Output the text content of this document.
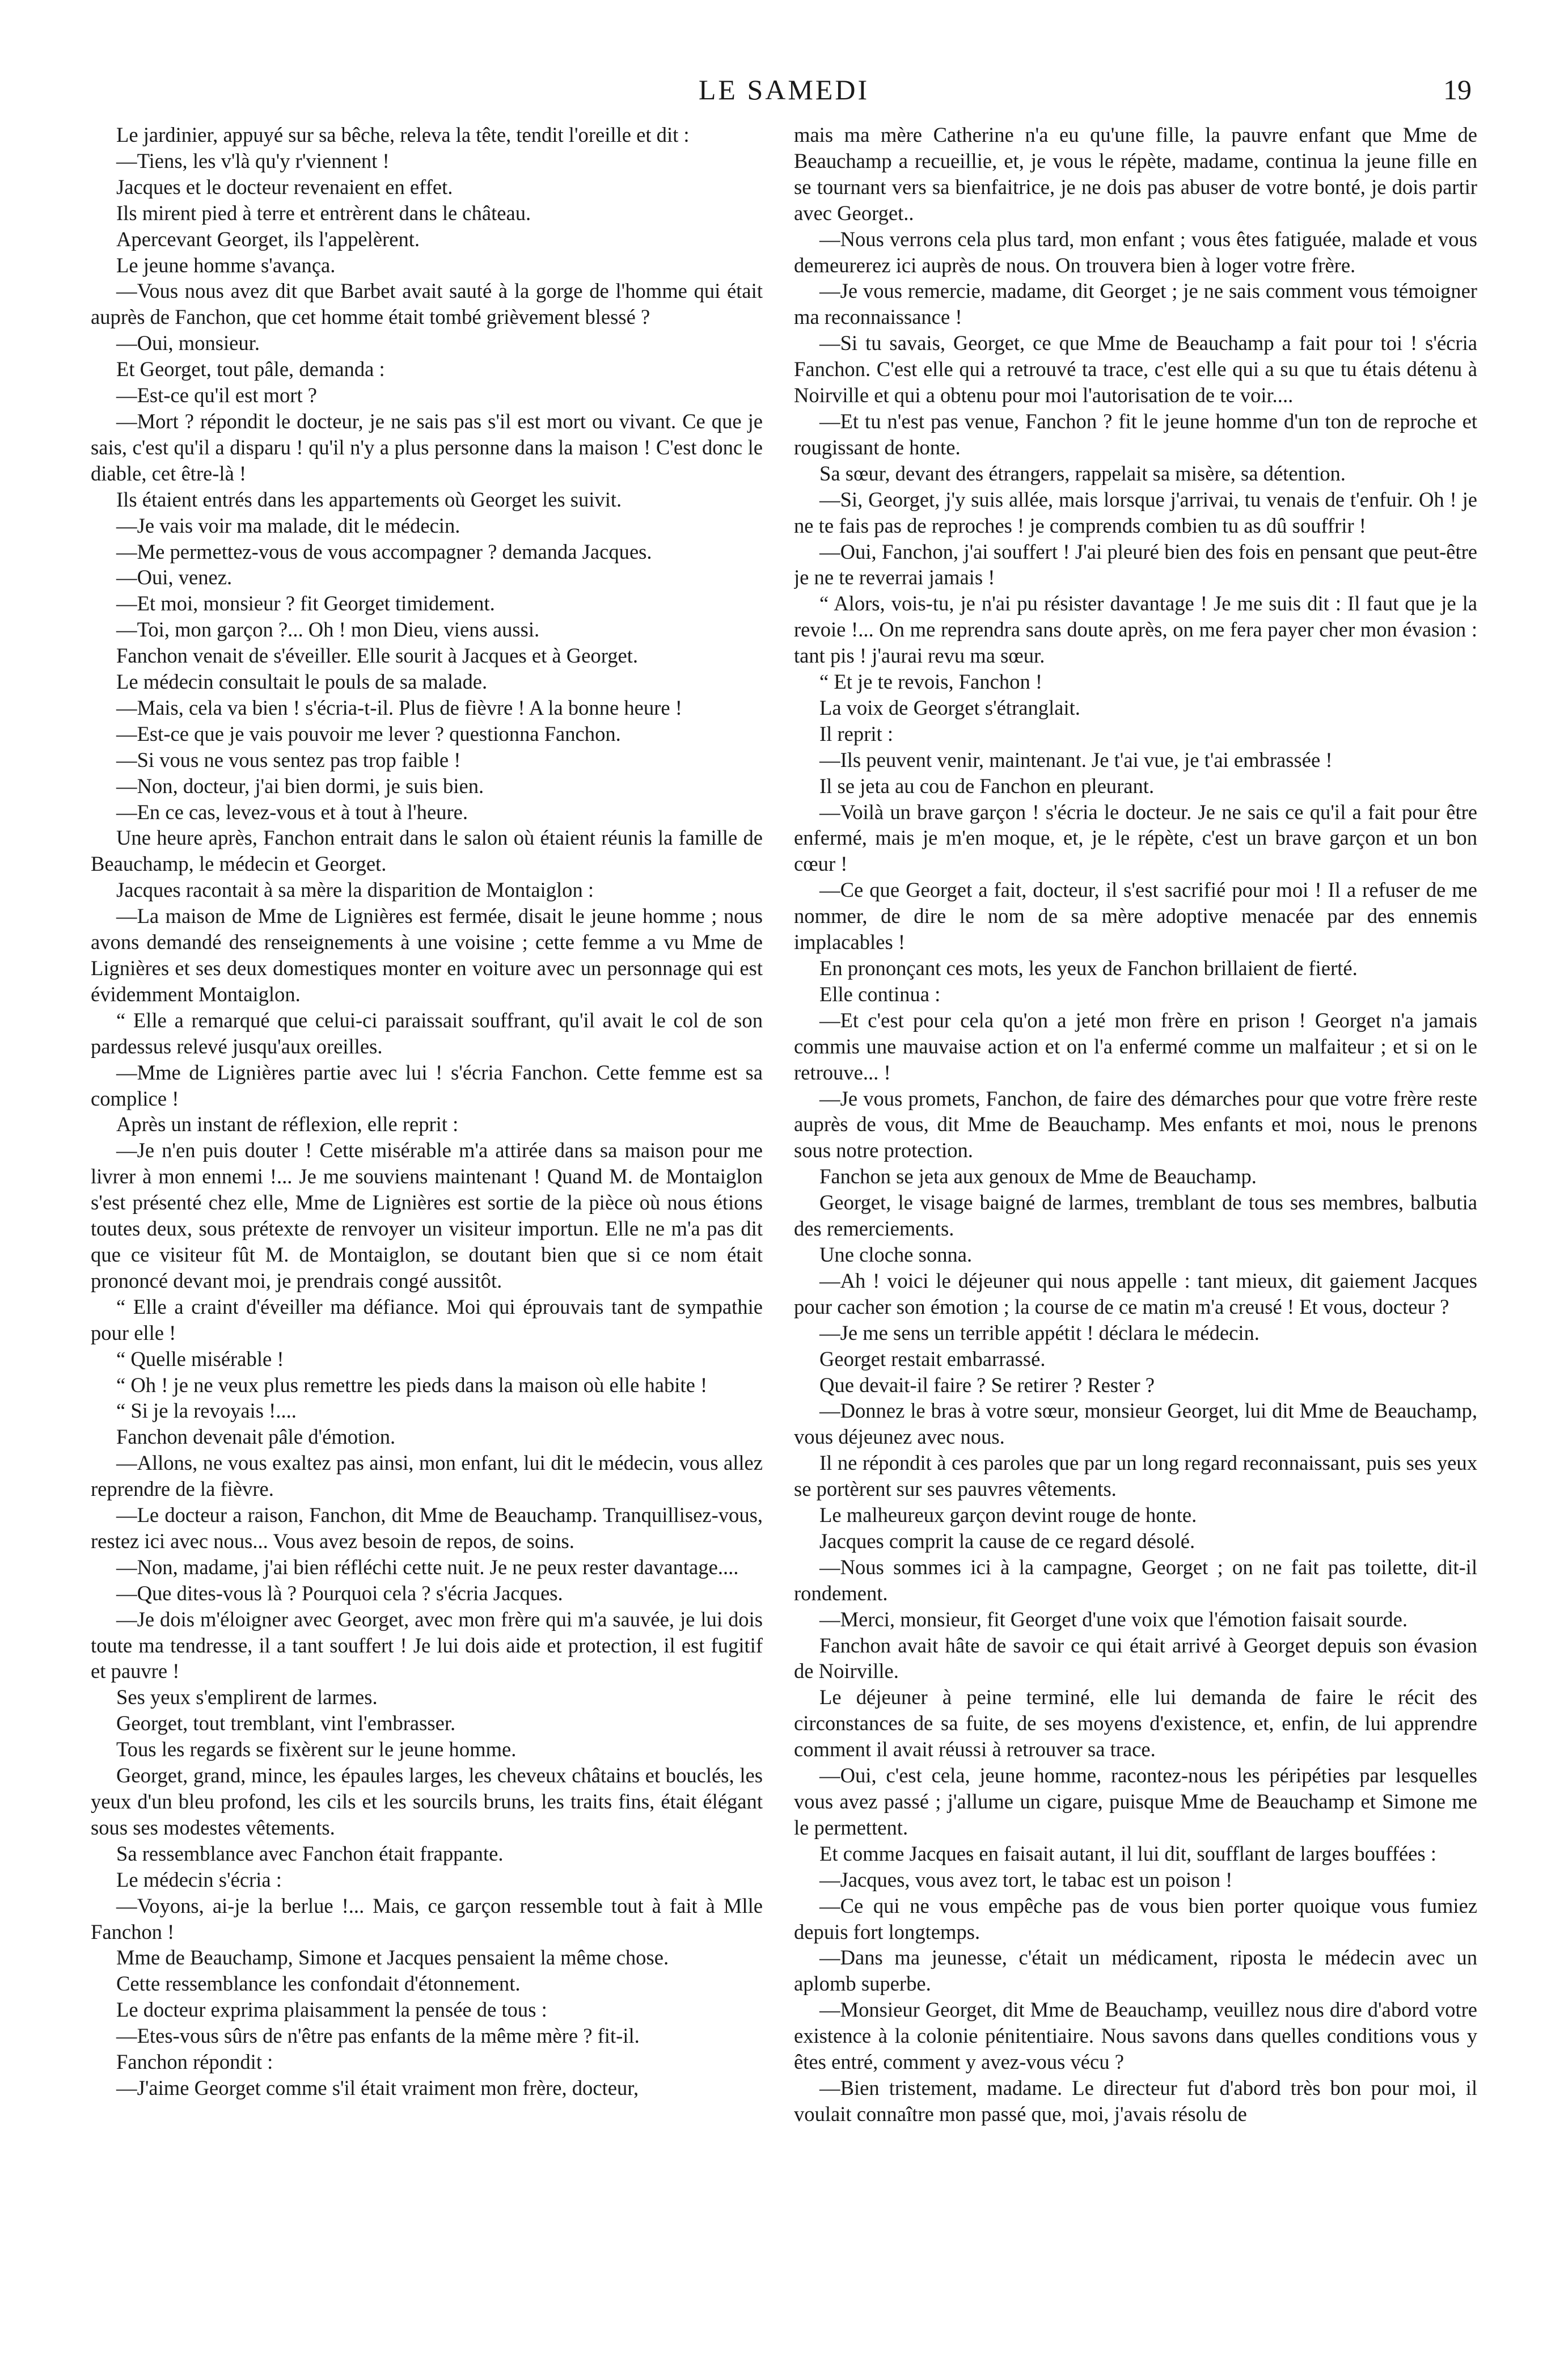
LE SAMEDI	19

Le jardinier, appuyé sur sa bêche, releva la tête, tendit l'oreille et dit :

—Tiens, les v'là qu'y r'viennent !

Jacques et le docteur revenaient en effet.

Ils mirent pied à terre et entrèrent dans le château.

Apercevant Georget, ils l'appelèrent.

Le jeune homme s'avança.

—Vous nous avez dit que Barbet avait sauté à la gorge de l'homme qui était auprès de Fanchon, que cet homme était tombé grièvement blessé ?

—Oui, monsieur.

Et Georget, tout pâle, demanda :

—Est-ce qu'il est mort ?

—Mort ? répondit le docteur, je ne sais pas s'il est mort ou vivant. Ce que je sais, c'est qu'il a disparu ! qu'il n'y a plus personne dans la maison ! C'est donc le diable, cet être-là !

Ils étaient entrés dans les appartements où Georget les suivit.

—Je vais voir ma malade, dit le médecin.

—Me permettez-vous de vous accompagner ? demanda Jacques.

—Oui, venez.

—Et moi, monsieur ? fit Georget timidement.

—Toi, mon garçon ?... Oh ! mon Dieu, viens aussi.

Fanchon venait de s'éveiller. Elle sourit à Jacques et à Georget.

Le médecin consultait le pouls de sa malade.

—Mais, cela va bien ! s'écria-t-il. Plus de fièvre ! A la bonne heure !

—Est-ce que je vais pouvoir me lever ? questionna Fanchon.

—Si vous ne vous sentez pas trop faible !

—Non, docteur, j'ai bien dormi, je suis bien.

—En ce cas, levez-vous et à tout à l'heure.

Une heure après, Fanchon entrait dans le salon où étaient réunis la famille de Beauchamp, le médecin et Georget.

Jacques racontait à sa mère la disparition de Montaiglon :

—La maison de Mme de Lignières est fermée, disait le jeune homme ; nous avons demandé des renseignements à une voisine ; cette femme a vu Mme de Lignières et ses deux domestiques monter en voiture avec un personnage qui est évidemment Montaiglon.

“ Elle a remarqué que celui-ci paraissait souffrant, qu'il avait le col de son pardessus relevé jusqu'aux oreilles.

—Mme de Lignières partie avec lui ! s'écria Fanchon. Cette femme est sa complice !

Après un instant de réflexion, elle reprit :

—Je n'en puis douter ! Cette misérable m'a attirée dans sa maison pour me livrer à mon ennemi !... Je me souviens maintenant ! Quand M. de Montaiglon s'est présenté chez elle, Mme de Lignières est sortie de la pièce où nous étions toutes deux, sous prétexte de renvoyer un visiteur importun. Elle ne m'a pas dit que ce visiteur fût M. de Montaiglon, se doutant bien que si ce nom était prononcé devant moi, je prendrais congé aussitôt.

“ Elle a craint d'éveiller ma défiance. Moi qui éprouvais tant de sympathie pour elle !

“ Quelle misérable !

“ Oh ! je ne veux plus remettre les pieds dans la maison où elle habite !

“ Si je la revoyais !....

Fanchon devenait pâle d'émotion.

—Allons, ne vous exaltez pas ainsi, mon enfant, lui dit le médecin, vous allez reprendre de la fièvre.

—Le docteur a raison, Fanchon, dit Mme de Beauchamp. Tranquillisez-vous, restez ici avec nous... Vous avez besoin de repos, de soins.

—Non, madame, j'ai bien réfléchi cette nuit. Je ne peux rester davantage....

—Que dites-vous là ? Pourquoi cela ? s'écria Jacques.

—Je dois m'éloigner avec Georget, avec mon frère qui m'a sauvée, je lui dois toute ma tendresse, il a tant souffert ! Je lui dois aide et protection, il est fugitif et pauvre !

Ses yeux s'emplirent de larmes.

Georget, tout tremblant, vint l'embrasser.

Tous les regards se fixèrent sur le jeune homme.

Georget, grand, mince, les épaules larges, les cheveux châtains et bouclés, les yeux d'un bleu profond, les cils et les sourcils bruns, les traits fins, était élégant sous ses modestes vêtements.

Sa ressemblance avec Fanchon était frappante.

Le médecin s'écria :

—Voyons, ai-je la berlue !... Mais, ce garçon ressemble tout à fait à Mlle Fanchon !

Mme de Beauchamp, Simone et Jacques pensaient la même chose.

Cette ressemblance les confondait d'étonnement.

Le docteur exprima plaisamment la pensée de tous :

—Etes-vous sûrs de n'être pas enfants de la même mère ? fit-il.

Fanchon répondit :

—J'aime Georget comme s'il était vraiment mon frère, docteur,

mais ma mère Catherine n'a eu qu'une fille, la pauvre enfant que Mme de Beauchamp a recueillie, et, je vous le répète, madame, continua la jeune fille en se tournant vers sa bienfaitrice, je ne dois pas abuser de votre bonté, je dois partir avec Georget..

—Nous verrons cela plus tard, mon enfant ; vous êtes fatiguée, malade et vous demeurerez ici auprès de nous. On trouvera bien à loger votre frère.

—Je vous remercie, madame, dit Georget ; je ne sais comment vous témoigner ma reconnaissance !

—Si tu savais, Georget, ce que Mme de Beauchamp a fait pour toi ! s'écria Fanchon. C'est elle qui a retrouvé ta trace, c'est elle qui a su que tu étais détenu à Noirville et qui a obtenu pour moi l'autorisation de te voir....

—Et tu n'est pas venue, Fanchon ? fit le jeune homme d'un ton de reproche et rougissant de honte.

Sa sœur, devant des étrangers, rappelait sa misère, sa détention.

—Si, Georget, j'y suis allée, mais lorsque j'arrivai, tu venais de t'enfuir. Oh ! je ne te fais pas de reproches ! je comprends combien tu as dû souffrir !

—Oui, Fanchon, j'ai souffert ! J'ai pleuré bien des fois en pensant que peut-être je ne te reverrai jamais !

“ Alors, vois-tu, je n'ai pu résister davantage ! Je me suis dit : Il faut que je la revoie !... On me reprendra sans doute après, on me fera payer cher mon évasion : tant pis ! j'aurai revu ma sœur.

“ Et je te revois, Fanchon !

La voix de Georget s'étranglait.

Il reprit :

—Ils peuvent venir, maintenant. Je t'ai vue, je t'ai embrassée !

Il se jeta au cou de Fanchon en pleurant.

—Voilà un brave garçon ! s'écria le docteur. Je ne sais ce qu'il a fait pour être enfermé, mais je m'en moque, et, je le répète, c'est un brave garçon et un bon cœur !

—Ce que Georget a fait, docteur, il s'est sacrifié pour moi ! Il a refuser de me nommer, de dire le nom de sa mère adoptive menacée par des ennemis implacables !

En prononçant ces mots, les yeux de Fanchon brillaient de fierté.

Elle continua :

—Et c'est pour cela qu'on a jeté mon frère en prison ! Georget n'a jamais commis une mauvaise action et on l'a enfermé comme un malfaiteur ; et si on le retrouve... !

—Je vous promets, Fanchon, de faire des démarches pour que votre frère reste auprès de vous, dit Mme de Beauchamp. Mes enfants et moi, nous le prenons sous notre protection.

Fanchon se jeta aux genoux de Mme de Beauchamp.

Georget, le visage baigné de larmes, tremblant de tous ses membres, balbutia des remerciements.

Une cloche sonna.

—Ah ! voici le déjeuner qui nous appelle : tant mieux, dit gaiement Jacques pour cacher son émotion ; la course de ce matin m'a creusé ! Et vous, docteur ?

—Je me sens un terrible appétit ! déclara le médecin.

Georget restait embarrassé.

Que devait-il faire ? Se retirer ? Rester ?

—Donnez le bras à votre sœur, monsieur Georget, lui dit Mme de Beauchamp, vous déjeunez avec nous.

Il ne répondit à ces paroles que par un long regard reconnaissant, puis ses yeux se portèrent sur ses pauvres vêtements.

Le malheureux garçon devint rouge de honte.

Jacques comprit la cause de ce regard désolé.

—Nous sommes ici à la campagne, Georget ; on ne fait pas toilette, dit-il rondement.

—Merci, monsieur, fit Georget d'une voix que l'émotion faisait sourde.

Fanchon avait hâte de savoir ce qui était arrivé à Georget depuis son évasion de Noirville.

Le déjeuner à peine terminé, elle lui demanda de faire le récit des circonstances de sa fuite, de ses moyens d'existence, et, enfin, de lui apprendre comment il avait réussi à retrouver sa trace.

—Oui, c'est cela, jeune homme, racontez-nous les péripéties par lesquelles vous avez passé ; j'allume un cigare, puisque Mme de Beauchamp et Simone me le permettent.

Et comme Jacques en faisait autant, il lui dit, soufflant de larges bouffées :

—Jacques, vous avez tort, le tabac est un poison !

—Ce qui ne vous empêche pas de vous bien porter quoique vous fumiez depuis fort longtemps.

—Dans ma jeunesse, c'était un médicament, riposta le médecin avec un aplomb superbe.

—Monsieur Georget, dit Mme de Beauchamp, veuillez nous dire d'abord votre existence à la colonie pénitentiaire. Nous savons dans quelles conditions vous y êtes entré, comment y avez-vous vécu ?

—Bien tristement, madame. Le directeur fut d'abord très bon pour moi, il voulait connaître mon passé que, moi, j'avais résolu de
